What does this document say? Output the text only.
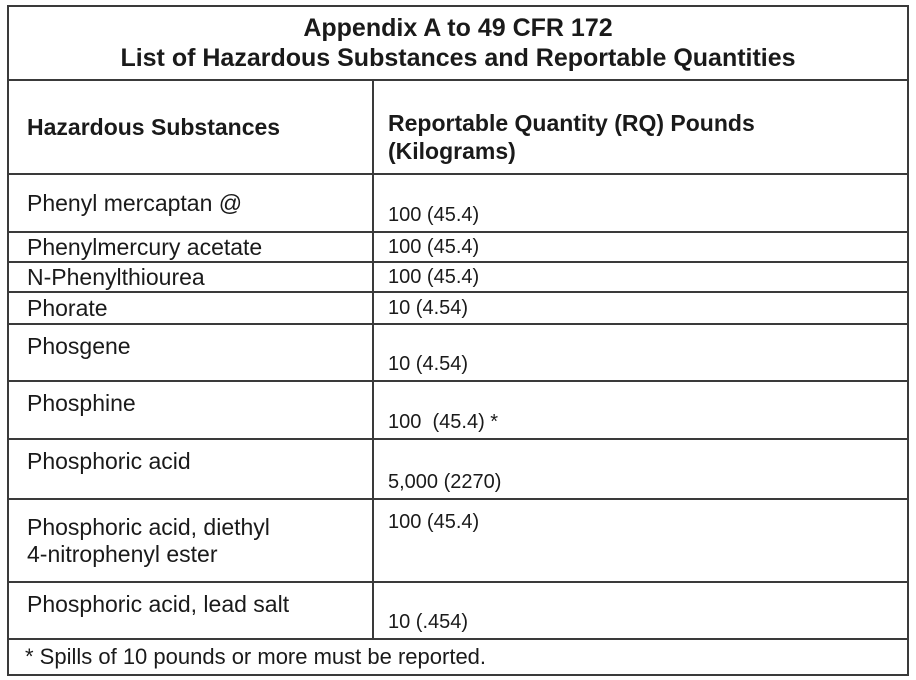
Appendix A to 49 CFR 172
List of Hazardous Substances and Reportable Quantities	

Hazardous Substances	Reportable Quantity (RQ) Pounds
(Kilograms)

Phenyl mercaptan @	100 (45.4)
Phenylmercury acetate	100 (45.4)
N-Phenylthiourea	100 (45.4)
Phorate	10 (4.54)
Phosgene	10 (4.54)
Phosphine	100  (45.4) *
Phosphoric acid	5,000 (2270)

Phosphoric acid, diethyl
4-nitrophenyl ester	100 (45.4)
Phosphoric acid, lead salt	10 (.454)
* Spills of 10 pounds or more must be reported.	
